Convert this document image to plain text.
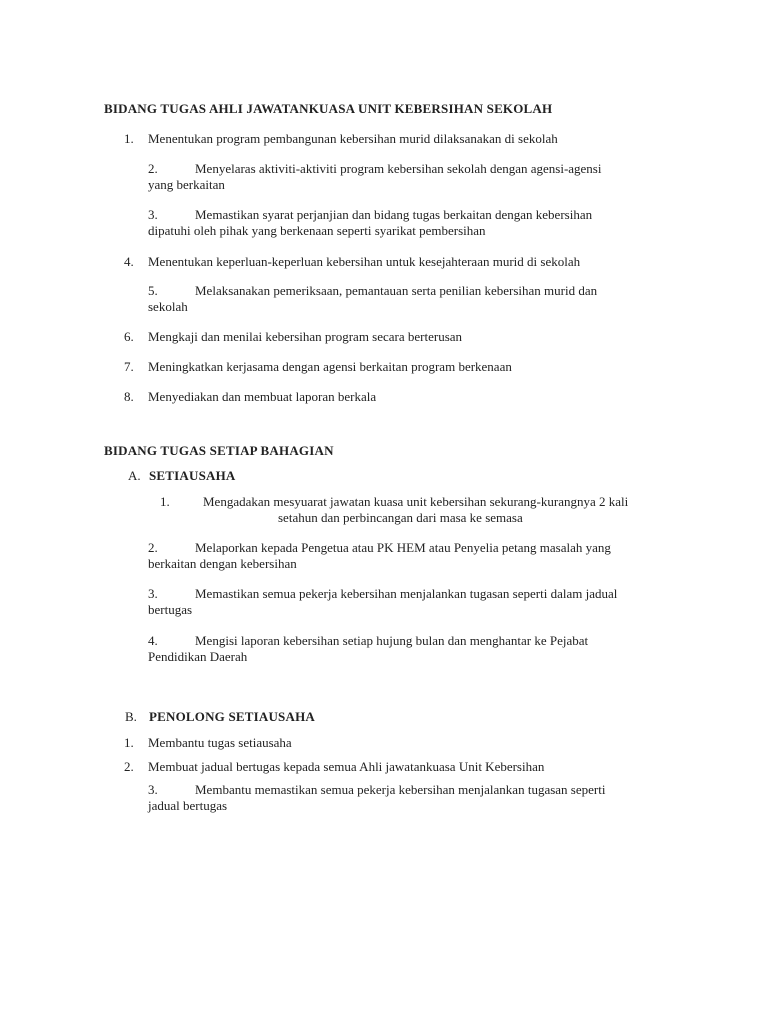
BIDANG TUGAS AHLI JAWATANKUASA UNIT KEBERSIHAN SEKOLAH
1. Menentukan program pembangunan kebersihan murid dilaksanakan di sekolah
2.	Menyelaras aktiviti-aktiviti program kebersihan sekolah dengan agensi-agensi
yang berkaitan
3.	Memastikan syarat perjanjian dan bidang tugas berkaitan dengan kebersihan
dipatuhi oleh pihak yang berkenaan seperti syarikat pembersihan
4. Menentukan keperluan-keperluan kebersihan untuk kesejahteraan murid di sekolah
5.	Melaksanakan pemeriksaan, pemantauan serta penilian kebersihan murid dan
sekolah
6. Mengkaji dan menilai kebersihan program secara berterusan
7. Meningkatkan kerjasama dengan agensi berkaitan program berkenaan
8. Menyediakan dan membuat laporan berkala
BIDANG TUGAS SETIAP BAHAGIAN
A. SETIAUSAHA
1.	Mengadakan mesyuarat jawatan kuasa unit kebersihan sekurang-kurangnya 2 kali
setahun dan perbincangan dari masa ke semasa
2.	Melaporkan kepada Pengetua atau PK HEM atau Penyelia petang masalah yang
berkaitan dengan kebersihan
3.	Memastikan semua pekerja kebersihan menjalankan tugasan seperti dalam jadual
bertugas
4.	Mengisi laporan kebersihan setiap hujung bulan dan menghantar ke Pejabat
Pendidikan Daerah
B. PENOLONG SETIAUSAHA
1. Membantu tugas setiausaha
2. Membuat jadual bertugas kepada semua Ahli jawatankuasa Unit Kebersihan
3.	Membantu memastikan semua pekerja kebersihan menjalankan tugasan seperti
jadual bertugas
